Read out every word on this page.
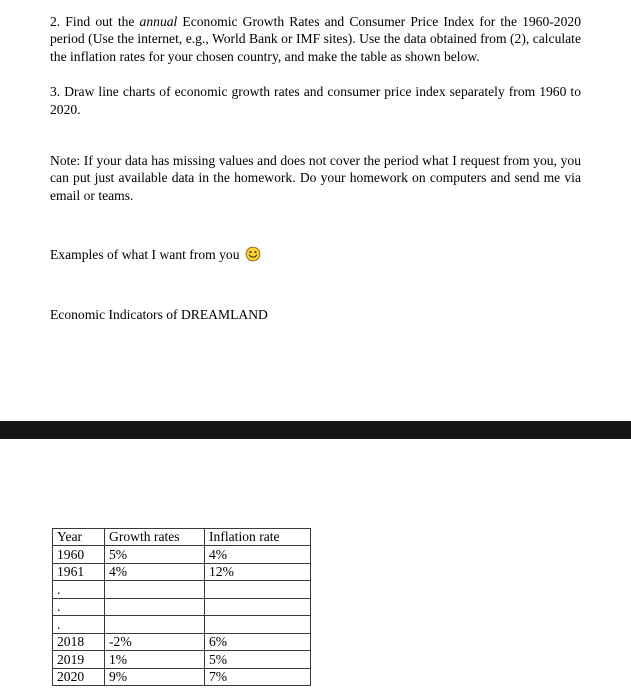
2. Find out the annual Economic Growth Rates and Consumer Price Index for the 1960-2020 period (Use the internet, e.g., World Bank or IMF sites). Use the data obtained from (2), calculate the inflation rates for your chosen country, and make the table as shown below.

3. Draw line charts of economic growth rates and consumer price index separately from 1960 to 2020.

Note: If your data has missing values and does not cover the period what I request from you, you can put just available data in the homework. Do your homework on computers and send me via email or teams.

Examples of what I want from you

Economic Indicators of DREAMLAND

Year	Growth rates	Inflation rate
1960	5%	4%
1961	4%	12%
.		
.		
.		
2018	-2%	6%
2019	1%	5%
2020	9%	7%
